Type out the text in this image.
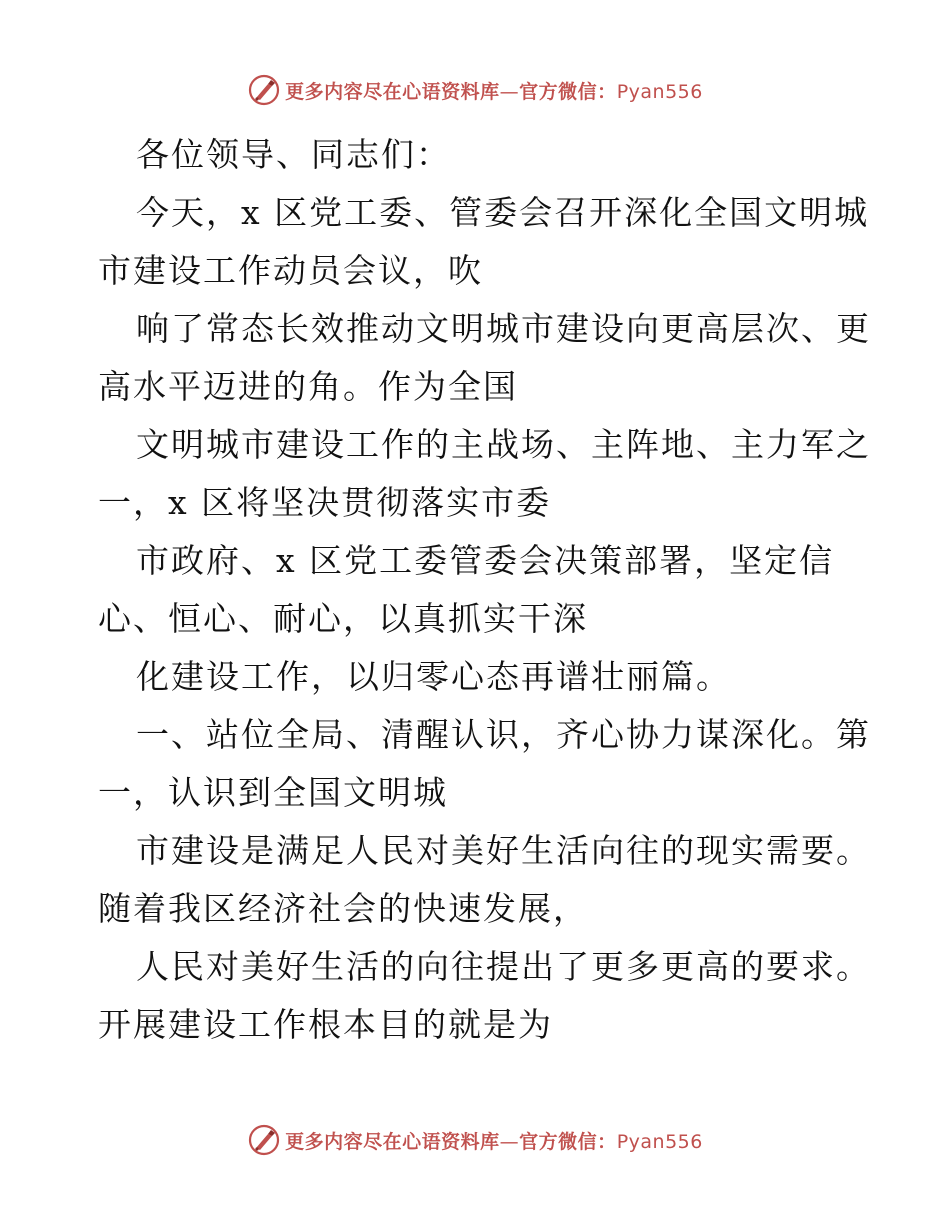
更多内容尽在心语资料库—官方微信：Pyan556
各位领导、同志们：
今天，x 区党工委、管委会召开深化全国文明城
市建设工作动员会议，吹
响了常态长效推动文明城市建设向更高层次、更
高水平迈进的角。作为全国
文明城市建设工作的主战场、主阵地、主力军之
一，x 区将坚决贯彻落实市委
市政府、x 区党工委管委会决策部署，坚定信
心、恒心、耐心，以真抓实干深
化建设工作，以归零心态再谱壮丽篇。
一、站位全局、清醒认识，齐心协力谋深化。第
一，认识到全国文明城
市建设是满足人民对美好生活向往的现实需要。
随着我区经济社会的快速发展，
人民对美好生活的向往提出了更多更高的要求。
开展建设工作根本目的就是为
更多内容尽在心语资料库—官方微信：Pyan556
